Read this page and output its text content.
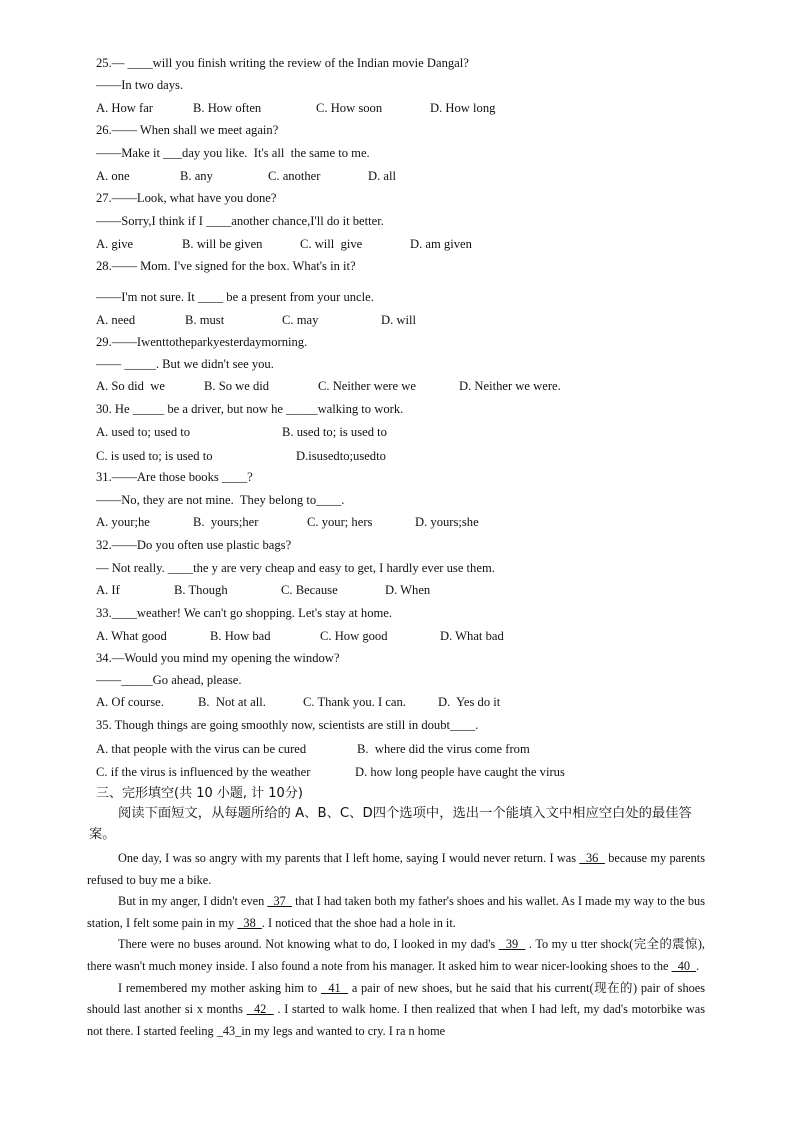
25.— ____will you finish writing the review of the Indian movie Dangal?
——In two days.
A. How far	B. How often	C. How soon	D. How long
26.—— When shall we meet again?
——Make it ___day you like.  It's all  the same to me.
A. one	B. any	C. another	D. all
27.——Look, what have you done?
——Sorry,I think if I ____another chance,I'll do it better.
A. give	B. will be given	C. will  give	D. am given
28.—— Mom. I've signed for the box. What's in it?
——I'm not sure. It ____ be a present from your uncle.
A. need	B. must	C. may	D. will
29.——Iwenttotheparkyesterdaymorning.
—— _____. But we didn't see you.
A. So did  we	B. So we did	C. Neither were we	D. Neither we were.
30. He _____ be a driver, but now he _____walking to work.
A. used to; used to	B. used to; is used to
C. is used to; is used to	D.isusedto;usedto
31.——Are those books ____?
——No, they are not mine.  They belong to____.
A. your;he	B.  yours;her	C. your; hers	D. yours;she
32.——Do you often use plastic bags?
— Not really. ____the y are very cheap and easy to get, I hardly ever use them.
A. If	B. Though	C. Because	D. When
33.____weather! We can't go shopping. Let's stay at home.
A. What good	B. How bad	C. How good	D. What bad
34.—Would you mind my opening the window?
——_____Go ahead, please.
A. Of course.	B.  Not at all.	C. Thank you. I can.	D.  Yes do it
35. Though things are going smoothly now, scientists are still in doubt____.
A. that people with the virus can be cured	B.  where did the virus come from
C. if the virus is influenced by the weather	D. how long people have caught the virus
三、完形填空(共 10 小题, 计 10分)
阅读下面短文，从每题所给的 A、B、C、D四个选项中，选出一个能填入文中相应空白处的最佳答案。

One day, I was so angry with my parents that I left home, saying I would never return. I was   36   because my parents refused to buy me a bike.

But in my anger, I didn't even   37   that I had taken both my father's shoes and his wallet. As I made my way to the bus station, I felt some pain in my   38  . I noticed that the shoe had a hole in it.

There were no buses around. Not knowing what to do, I looked in my dad's   39   . To my u tter shock(完全的震惊), there wasn't much money inside. I also found a note from his manager. It asked him to wear nicer-looking shoes to the   40  .

I remembered my mother asking him to   41   a pair of new shoes, but he said that his current(现在的) pair of shoes should last another si x months   42   . I started to walk home. I then realized that when I had left, my dad's motorbike was not there. I started feeling _43_in my legs and wanted to cry. I ra n home
